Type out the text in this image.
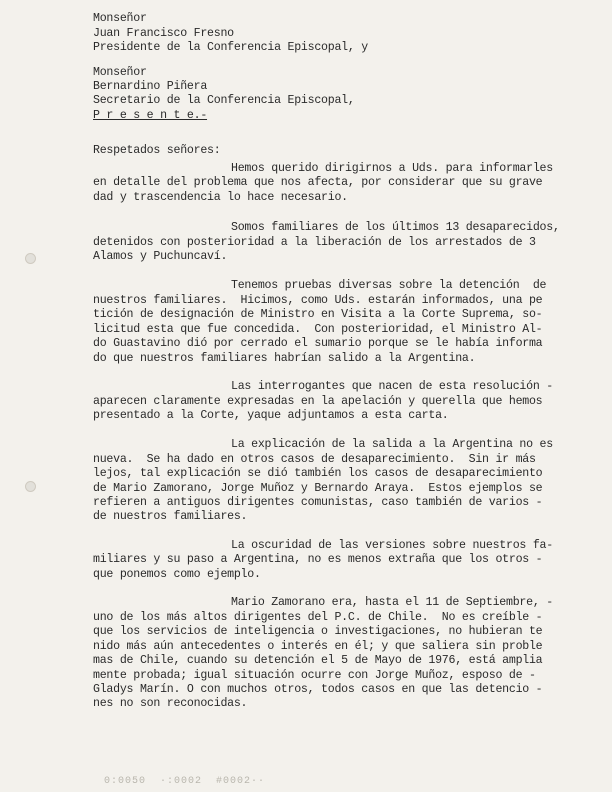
Monseñor
Juan Francisco Fresno
Presidente de la Conferencia Episcopal, y
Monseñor
Bernardino Piñera
Secretario de la Conferencia Episcopal,
P r e s e n t e.-
Respetados señores:
Hemos querido dirigirnos a Uds. para informarles
en detalle del problema que nos afecta, por considerar que su grave
dad y trascendencia lo hace necesario.
Somos familiares de los últimos 13 desaparecidos,
detenidos con posterioridad a la liberación de los arrestados de 3
Alamos y Puchuncaví.
Tenemos pruebas diversas sobre la detención  de
nuestros familiares.  Hicimos, como Uds. estarán informados, una pe
tición de designación de Ministro en Visita a la Corte Suprema, so-
licitud esta que fue concedida.  Con posterioridad, el Ministro Al-
do Guastavino dió por cerrado el sumario porque se le había informa
do que nuestros familiares habrían salido a la Argentina.
Las interrogantes que nacen de esta resolución -
aparecen claramente expresadas en la apelación y querella que hemos
presentado a la Corte, yaque adjuntamos a esta carta.
La explicación de la salida a la Argentina no es
nueva.  Se ha dado en otros casos de desaparecimiento.  Sin ir más
lejos, tal explicación se dió también los casos de desaparecimiento
de Mario Zamorano, Jorge Muñoz y Bernardo Araya.  Estos ejemplos se
refieren a antiguos dirigentes comunistas, caso también de varios -
de nuestros familiares.
La oscuridad de las versiones sobre nuestros fa-
miliares y su paso a Argentina, no es menos extraña que los otros -
que ponemos como ejemplo.
Mario Zamorano era, hasta el 11 de Septiembre, -
uno de los más altos dirigentes del P.C. de Chile.  No es creíble -
que los servicios de inteligencia o investigaciones, no hubieran te
nido más aún antecedentes o interés en él; y que saliera sin proble
mas de Chile, cuando su detención el 5 de Mayo de 1976, está amplia
mente probada; igual situación ocurre con Jorge Muñoz, esposo de -
Gladys Marín. O con muchos otros, todos casos en que las detencio -
nes no son reconocidas.
0:0050  ·:0002  #0002··
